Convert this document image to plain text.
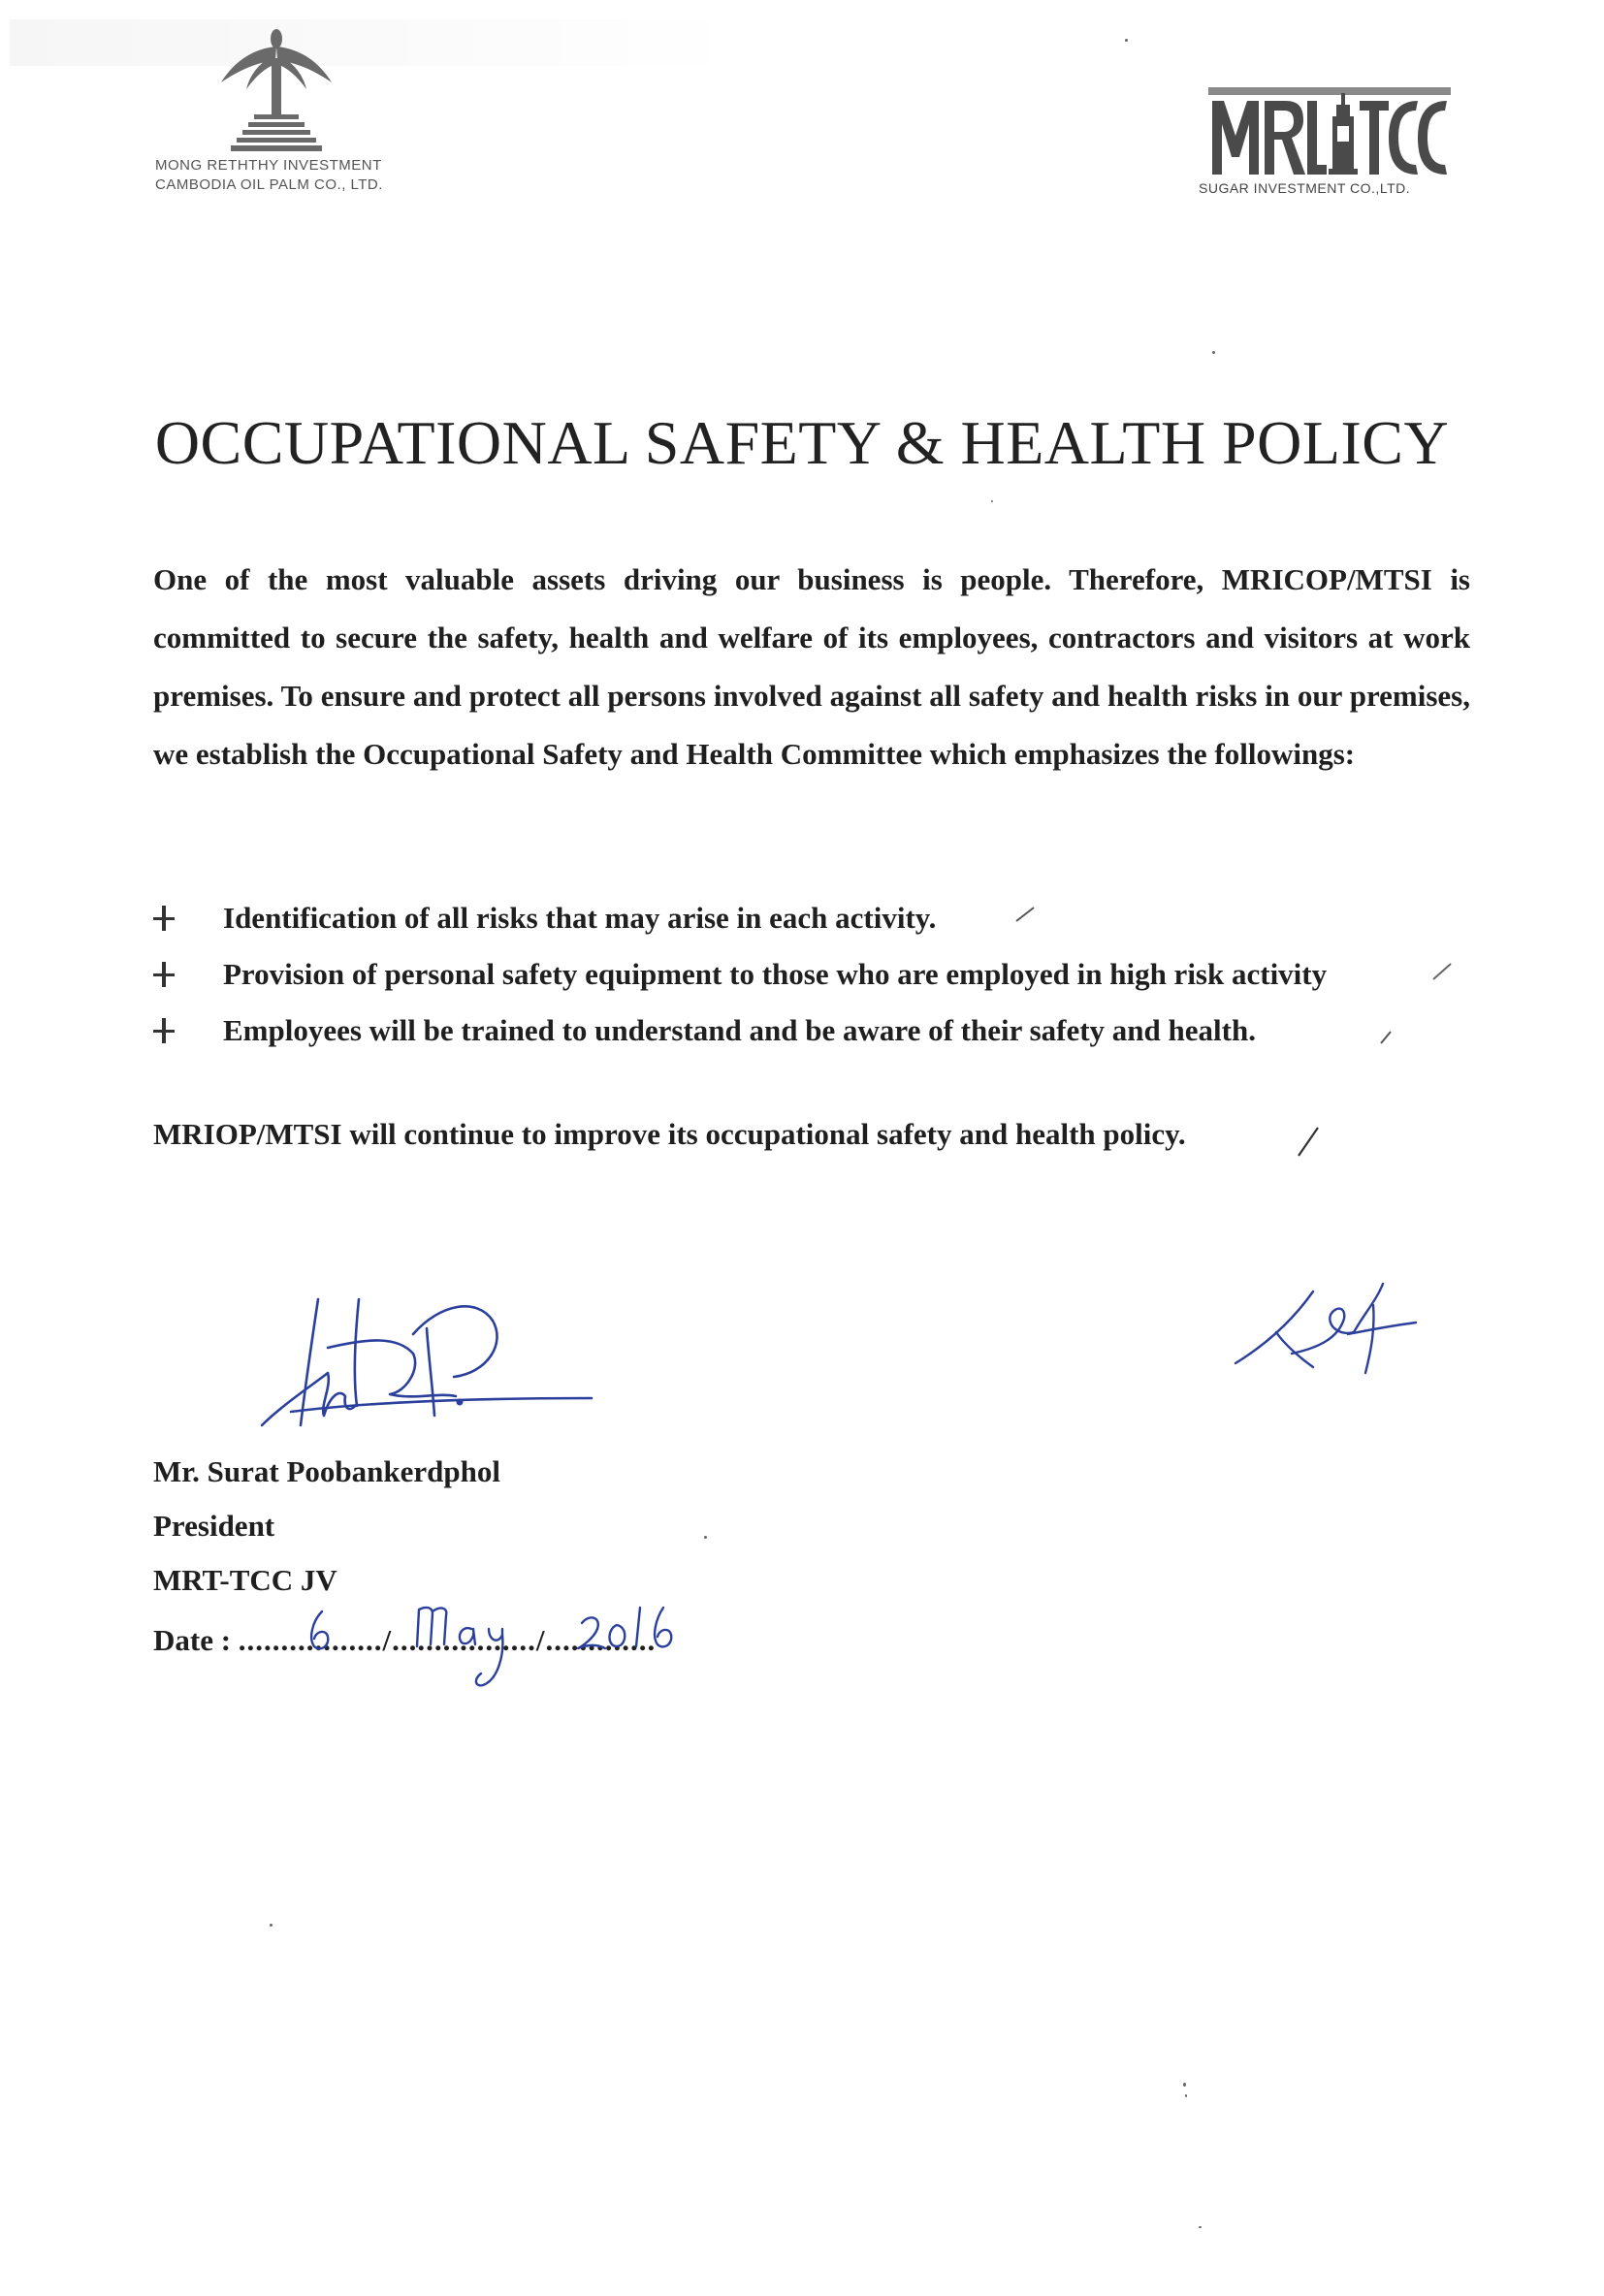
MONG RETHTHY INVESTMENT
CAMBODIA OIL PALM CO., LTD.	SUGAR INVESTMENT CO.,LTD.
OCCUPATIONAL SAFETY & HEALTH POLICY

One of the most valuable assets driving our business is people. Therefore, MRICOP/MTSI is committed to secure the safety, health and welfare of its employees, contractors and visitors at work premises. To ensure and protect all persons involved against all safety and health risks in our premises, we establish the Occupational Safety and Health Committee which emphasizes the followings:

Identification of all risks that may arise in each activity.
Provision of personal safety equipment to those who are employed in high risk activity
Employees will be trained to understand and be aware of their safety and health.

MRIOP/MTSI will continue to improve its occupational safety and health policy.

Mr. Surat Poobankerdphol
President
MRT-TCC JV
Date : ................./................./.............
